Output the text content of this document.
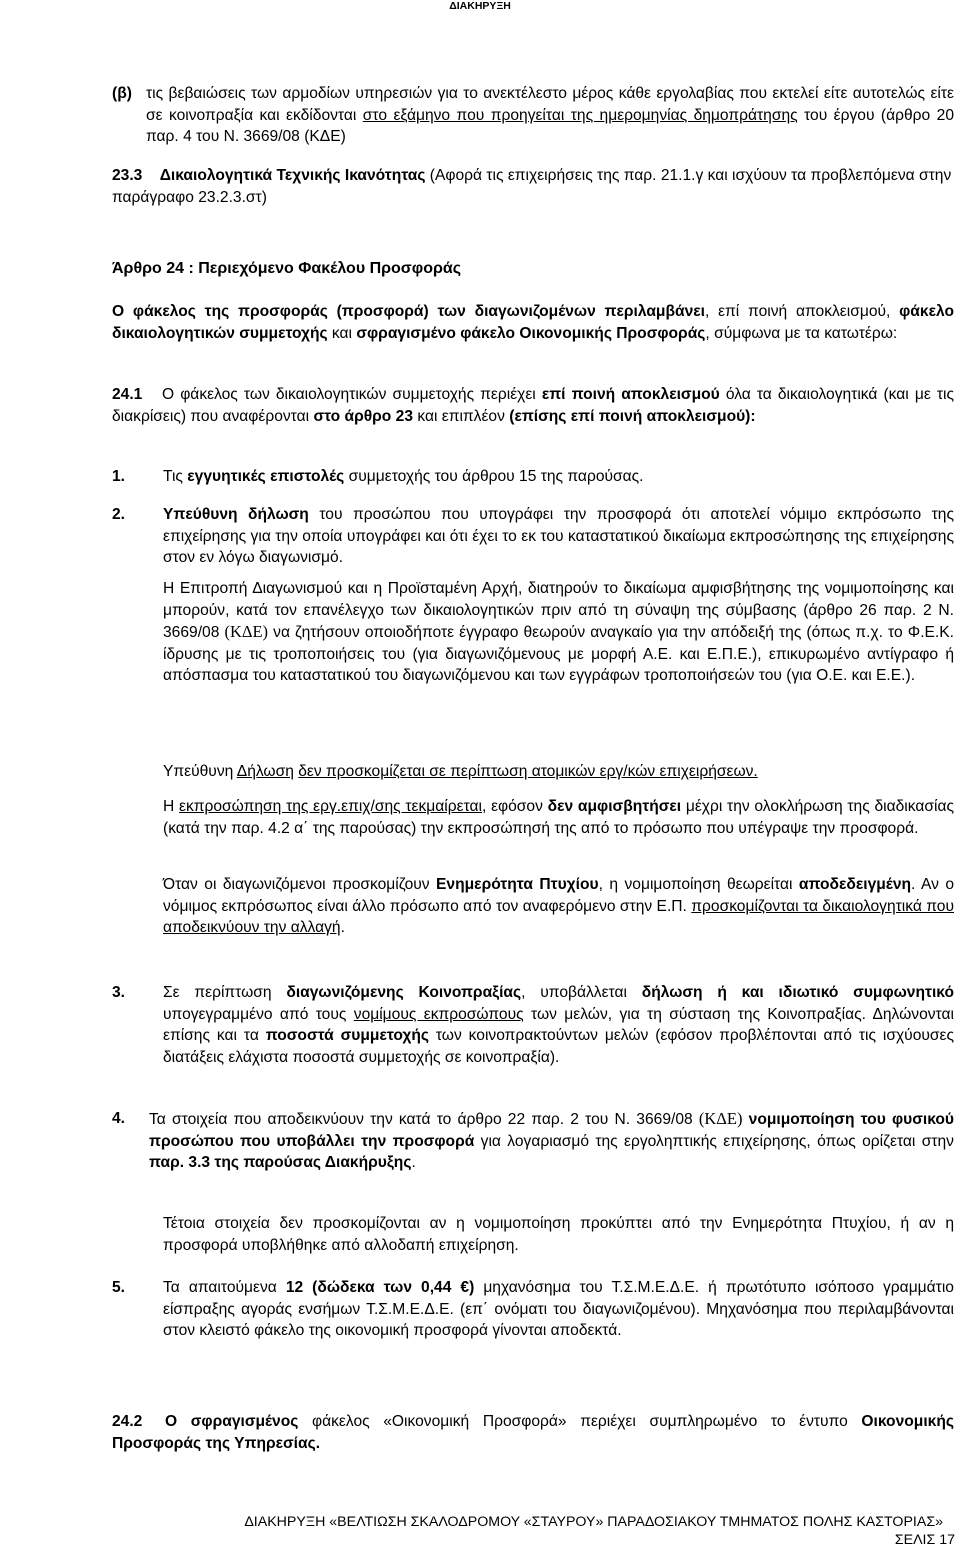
ΔΙΑΚΗΡΥΞΗ
(β) τις βεβαιώσεις των αρμοδίων υπηρεσιών για το ανεκτέλεστο μέρος κάθε εργολαβίας που εκτελεί είτε αυτοτελώς είτε σε κοινοπραξία και εκδίδονται στο εξάμηνο που προηγείται της ημερομηνίας δημοπράτησης του έργου (άρθρο 20 παρ. 4 του Ν. 3669/08 (ΚΔΕ)
23.3 Δικαιολογητικά Τεχνικής Ικανότητας (Αφορά τις επιχειρήσεις της παρ. 21.1.γ και ισχύουν τα προβλεπόμενα στην παράγραφο 23.2.3.στ)
Άρθρο 24 : Περιεχόμενο Φακέλου Προσφοράς
Ο φάκελος της προσφοράς (προσφορά) των διαγωνιζομένων περιλαμβάνει, επί ποινή αποκλεισμού, φάκελο δικαιολογητικών συμμετοχής και σφραγισμένο φάκελο Οικονομικής Προσφοράς, σύμφωνα με τα κατωτέρω:
24.1	Ο φάκελος των δικαιολογητικών συμμετοχής περιέχει επί ποινή αποκλεισμού όλα τα δικαιολογητικά (και με τις διακρίσεις) που αναφέρονται στο άρθρο 23 και επιπλέον (επίσης επί ποινή αποκλεισμού):
1. Τις εγγυητικές επιστολές συμμετοχής του άρθρου 15 της παρούσας.
2. Υπεύθυνη δήλωση του προσώπου που υπογράφει την προσφορά ότι αποτελεί νόμιμο εκπρόσωπο της επιχείρησης για την οποία υπογράφει και ότι έχει το εκ του καταστατικού δικαίωμα εκπροσώπησης της επιχείρησης στον εν λόγω διαγωνισμό.
Η Επιτροπή Διαγωνισμού και η Προϊσταμένη Αρχή, διατηρούν το δικαίωμα αμφισβήτησης της νομιμοποίησης και μπορούν, κατά τον επανέλεγχο των δικαιολογητικών πριν από τη σύναψη της σύμβασης (άρθρο 26 παρ. 2 Ν. 3669/08 (ΚΔΕ) να ζητήσουν οποιοδήποτε έγγραφο θεωρούν αναγκαίο για την απόδειξή της (όπως π.χ. το Φ.Ε.Κ. ίδρυσης με τις τροποποιήσεις του (για διαγωνιζόμενους με μορφή Α.Ε. και Ε.Π.Ε.), επικυρωμένο αντίγραφο ή απόσπασμα του καταστατικού του διαγωνιζόμενου και των εγγράφων τροποποιήσεών του (για Ο.Ε. και Ε.Ε.).
Υπεύθυνη Δήλωση δεν προσκομίζεται σε περίπτωση ατομικών εργ/κών επιχειρήσεων.
Η εκπροσώπηση της εργ.επιχ/σης τεκμαίρεται, εφόσον δεν αμφισβητήσει μέχρι την ολοκλήρωση της διαδικασίας (κατά την παρ. 4.2 α΄ της παρούσας) την εκπροσώπησή της από το πρόσωπο που υπέγραψε την προσφορά.
Όταν οι διαγωνιζόμενοι προσκομίζουν Ενημερότητα Πτυχίου, η νομιμοποίηση θεωρείται αποδεδειγμένη. Αν ο νόμιμος εκπρόσωπος είναι άλλο πρόσωπο από τον αναφερόμενο στην Ε.Π. προσκομίζονται τα δικαιολογητικά που αποδεικνύουν την αλλαγή.
3. Σε περίπτωση διαγωνιζόμενης Κοινοπραξίας, υποβάλλεται δήλωση ή και ιδιωτικό συμφωνητικό υπογεγραμμένο από τους νομίμους εκπροσώπους των μελών, για τη σύσταση της Κοινοπραξίας. Δηλώνονται επίσης και τα ποσοστά συμμετοχής των κοινοπρακτούντων μελών (εφόσον προβλέπονται από τις ισχύουσες διατάξεις ελάχιστα ποσοστά συμμετοχής σε κοινοπραξία).
4. Τα στοιχεία που αποδεικνύουν την κατά το άρθρο 22 παρ. 2 του Ν. 3669/08 (ΚΔΕ) νομιμοποίηση του φυσικού προσώπου που υποβάλλει την προσφορά για λογαριασμό της εργοληπτικής επιχείρησης, όπως ορίζεται στην παρ. 3.3 της παρούσας Διακήρυξης.
Τέτοια στοιχεία δεν προσκομίζονται αν η νομιμοποίηση προκύπτει από την Ενημερότητα Πτυχίου, ή αν η προσφορά υποβλήθηκε από αλλοδαπή επιχείρηση.
5. Τα απαιτούμενα 12 (δώδεκα των 0,44 €) μηχανόσημα του Τ.Σ.Μ.Ε.Δ.Ε. ή πρωτότυπο ισόποσο γραμμάτιο είσπραξης αγοράς ενσήμων Τ.Σ.Μ.Ε.Δ.Ε. (επ΄ ονόματι του διαγωνιζομένου). Μηχανόσημα που περιλαμβάνονται στον κλειστό φάκελο της οικονομική προσφορά γίνονται αποδεκτά.
24.2	Ο σφραγισμένος φάκελος «Οικονομική Προσφορά» περιέχει συμπληρωμένο το έντυπο Οικονομικής Προσφοράς της Υπηρεσίας.
ΔΙΑΚΗΡΥΞΗ «ΒΕΛΤΙΩΣΗ ΣΚΑΛΟΔΡΟΜΟΥ «ΣΤΑΥΡΟΥ» ΠΑΡΑΔΟΣΙΑΚΟΥ ΤΜΗΜΑΤΟΣ ΠΟΛΗΣ ΚΑΣΤΟΡΙΑΣ»
ΣΕΛΙΣ 17
